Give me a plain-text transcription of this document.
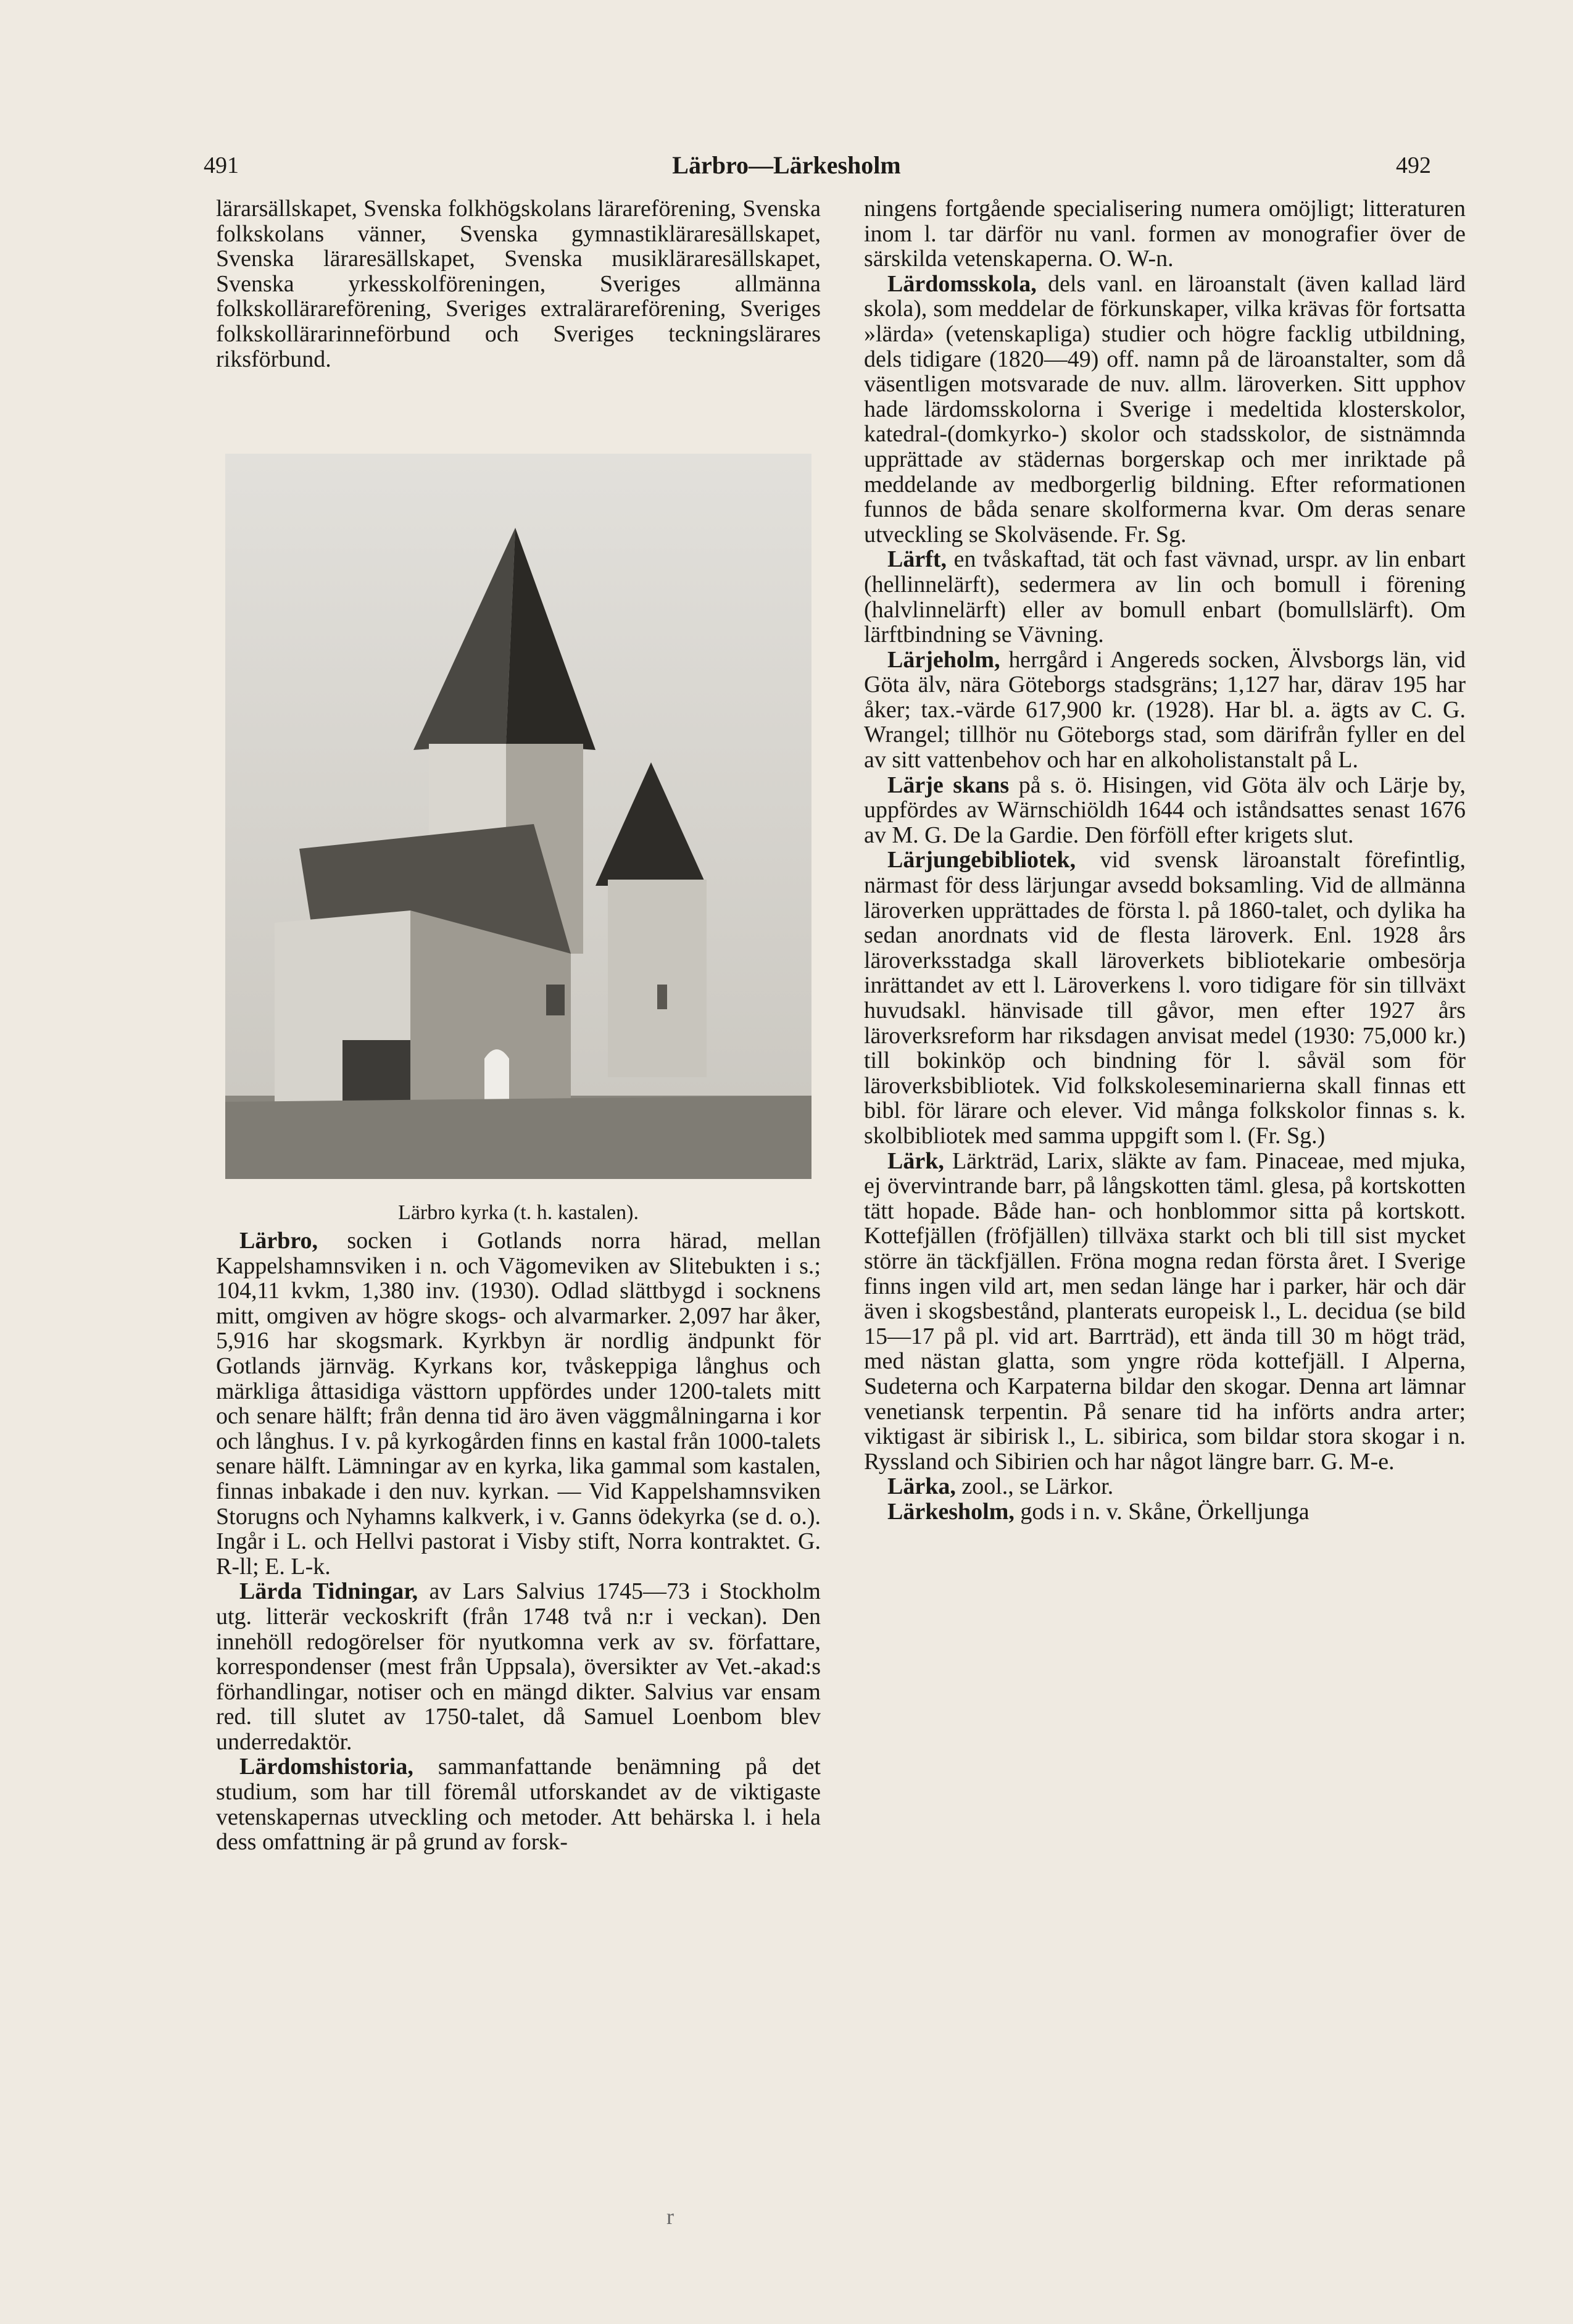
491	Lärbro—Lärkesholm	492

lärarsällskapet, Svenska folkhögskolans lärareförening, Svenska folkskolans vänner, Svenska gymnastikläraresällskapet, Svenska läraresällskapet, Svenska musikläraresällskapet, Svenska yrkesskolföreningen, Sveriges allmänna folkskollärareförening, Sveriges extralärareförening, Sveriges folkskollärarinneförbund och Sveriges teckningslärares riksförbund.

Lärbro kyrka (t. h. kastalen).

Lärbro, socken i Gotlands norra härad, mellan Kappelshamnsviken i n. och Vägomeviken av Slitebukten i s.; 104,11 kvkm, 1,380 inv. (1930). Odlad slättbygd i socknens mitt, omgiven av högre skogs- och alvarmarker. 2,097 har åker, 5,916 har skogsmark. Kyrkbyn är nordlig ändpunkt för Gotlands järnväg. Kyrkans kor, tvåskeppiga långhus och märkliga åttasidiga västtorn uppfördes under 1200-talets mitt och senare hälft; från denna tid äro även väggmålningarna i kor och långhus. I v. på kyrkogården finns en kastal från 1000-talets senare hälft. Lämningar av en kyrka, lika gammal som kastalen, finnas inbakade i den nuv. kyrkan. — Vid Kappelshamnsviken Storugns och Nyhamns kalkverk, i v. Ganns ödekyrka (se d. o.). Ingår i L. och Hellvi pastorat i Visby stift, Norra kontraktet. G. R-ll; E. L-k.

Lärda Tidningar, av Lars Salvius 1745—73 i Stockholm utg. litterär veckoskrift (från 1748 två n:r i veckan). Den innehöll redogörelser för nyutkomna verk av sv. författare, korrespondenser (mest från Uppsala), översikter av Vet.-akad:s förhandlingar, notiser och en mängd dikter. Salvius var ensam red. till slutet av 1750-talet, då Samuel Loenbom blev underredaktör.

Lärdomshistoria, sammanfattande benämning på det studium, som har till föremål utforskandet av de viktigaste vetenskapernas utveckling och metoder. Att behärska l. i hela dess omfattning är på grund av forsk-

ningens fortgående specialisering numera omöjligt; litteraturen inom l. tar därför nu vanl. formen av monografier över de särskilda vetenskaperna. O. W-n.

Lärdomsskola, dels vanl. en läroanstalt (även kallad lärd skola), som meddelar de förkunskaper, vilka krävas för fortsatta »lärda» (vetenskapliga) studier och högre facklig utbildning, dels tidigare (1820—49) off. namn på de läroanstalter, som då väsentligen motsvarade de nuv. allm. läroverken. Sitt upphov hade lärdomsskolorna i Sverige i medeltida klosterskolor, katedral-(domkyrko-) skolor och stadsskolor, de sistnämnda upprättade av städernas borgerskap och mer inriktade på meddelande av medborgerlig bildning. Efter reformationen funnos de båda senare skolformerna kvar. Om deras senare utveckling se Skolväsende. Fr. Sg.

Lärft, en tvåskaftad, tät och fast vävnad, urspr. av lin enbart (hellinnelärft), sedermera av lin och bomull i förening (halvlinnelärft) eller av bomull enbart (bomullslärft). Om lärftbindning se Vävning.

Lärjeholm, herrgård i Angereds socken, Älvsborgs län, vid Göta älv, nära Göteborgs stadsgräns; 1,127 har, därav 195 har åker; tax.-värde 617,900 kr. (1928). Har bl. a. ägts av C. G. Wrangel; tillhör nu Göteborgs stad, som därifrån fyller en del av sitt vattenbehov och har en alkoholistanstalt på L.

Lärje skans på s. ö. Hisingen, vid Göta älv och Lärje by, uppfördes av Wärnschiöldh 1644 och iståndsattes senast 1676 av M. G. De la Gardie. Den förföll efter krigets slut.

Lärjungebibliotek, vid svensk läroanstalt förefintlig, närmast för dess lärjungar avsedd boksamling. Vid de allmänna läroverken upprättades de första l. på 1860-talet, och dylika ha sedan anordnats vid de flesta läroverk. Enl. 1928 års läroverksstadga skall läroverkets bibliotekarie ombesörja inrättandet av ett l. Läroverkens l. voro tidigare för sin tillväxt huvudsakl. hänvisade till gåvor, men efter 1927 års läroverksreform har riksdagen anvisat medel (1930: 75,000 kr.) till bokinköp och bindning för l. såväl som för läroverksbibliotek. Vid folkskoleseminarierna skall finnas ett bibl. för lärare och elever. Vid många folkskolor finnas s. k. skolbibliotek med samma uppgift som l. (Fr. Sg.)

Lärk, Lärkträd, Larix, släkte av fam. Pinaceae, med mjuka, ej övervintrande barr, på långskotten täml. glesa, på kortskotten tätt hopade. Både han- och honblommor sitta på kortskott. Kottefjällen (fröfjällen) tillväxa starkt och bli till sist mycket större än täckfjällen. Fröna mogna redan första året. I Sverige finns ingen vild art, men sedan länge har i parker, här och där även i skogsbestånd, planterats europeisk l., L. decidua (se bild 15—17 på pl. vid art. Barrträd), ett ända till 30 m högt träd, med nästan glatta, som yngre röda kottefjäll. I Alperna, Sudeterna och Karpaterna bildar den skogar. Denna art lämnar venetiansk terpentin. På senare tid ha införts andra arter; viktigast är sibirisk l., L. sibirica, som bildar stora skogar i n. Ryssland och Sibirien och har något längre barr. G. M-e.

Lärka, zool., se Lärkor.

Lärkesholm, gods i n. v. Skåne, Örkelljunga

r
